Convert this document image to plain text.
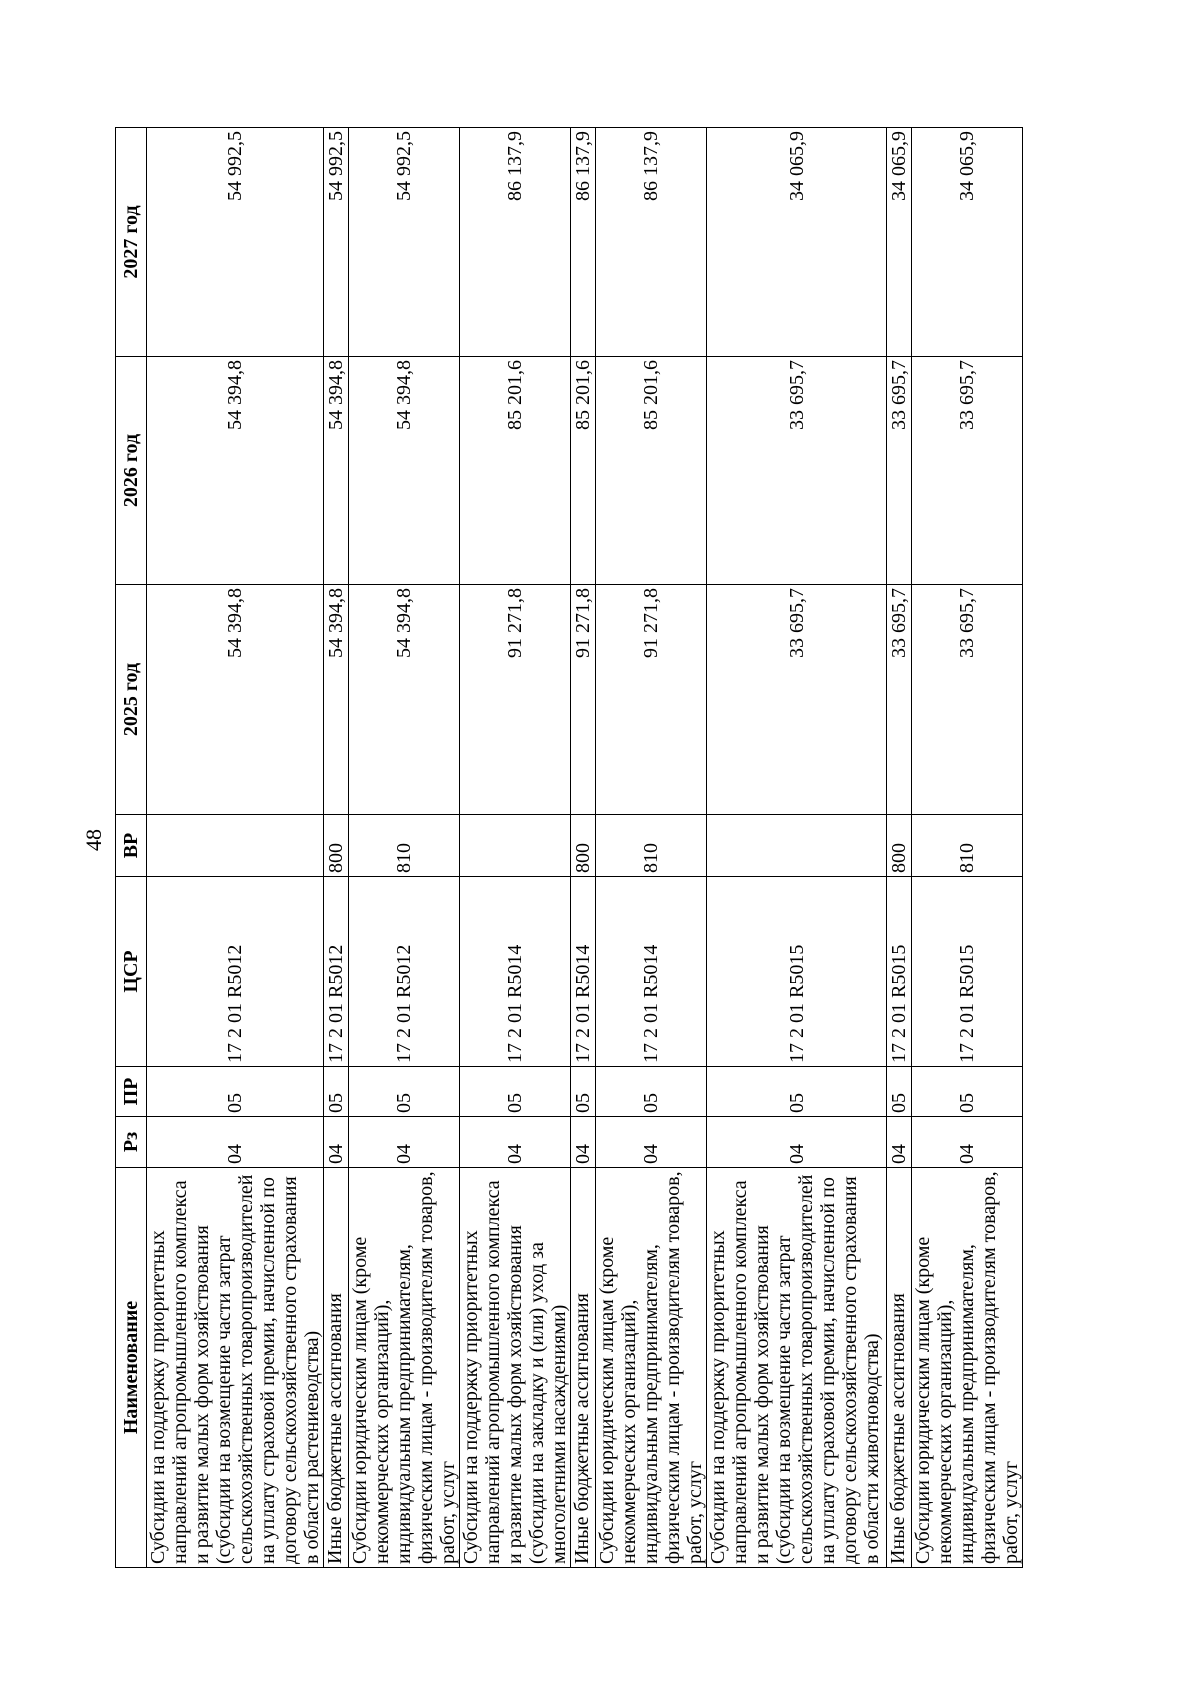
48
Наименование	Рз	ПР	ЦСР	ВР	2025 год	2026 год	2027 год
Субсидии на поддержку приоритетных направлений агропромышленного комплекса и развитие малых форм хозяйствования (субсидии на возмещение части затрат сельскохозяйственных товаропроизводителей на уплату страховой премии, начисленной по договору сельскохозяйственного страхования в области растениеводства)	04	05	17 2 01 R5012		54 394,8	54 394,8	54 992,5
Иные бюджетные ассигнования	04	05	17 2 01 R5012	800	54 394,8	54 394,8	54 992,5
Субсидии юридическим лицам (кроме некоммерческих организаций), индивидуальным предпринимателям, физическим лицам - производителям товаров, работ, услуг	04	05	17 2 01 R5012	810	54 394,8	54 394,8	54 992,5
Субсидии на поддержку приоритетных направлений агропромышленного комплекса и развитие малых форм хозяйствования (субсидии на закладку и (или) уход за многолетними насаждениями)	04	05	17 2 01 R5014		91 271,8	85 201,6	86 137,9
Иные бюджетные ассигнования	04	05	17 2 01 R5014	800	91 271,8	85 201,6	86 137,9
Субсидии юридическим лицам (кроме некоммерческих организаций), индивидуальным предпринимателям, физическим лицам - производителям товаров, работ, услуг	04	05	17 2 01 R5014	810	91 271,8	85 201,6	86 137,9
Субсидии на поддержку приоритетных направлений агропромышленного комплекса и развитие малых форм хозяйствования (субсидии на возмещение части затрат сельскохозяйственных товаропроизводителей на уплату страховой премии, начисленной по договору сельскохозяйственного страхования в области животноводства)	04	05	17 2 01 R5015		33 695,7	33 695,7	34 065,9
Иные бюджетные ассигнования	04	05	17 2 01 R5015	800	33 695,7	33 695,7	34 065,9
Субсидии юридическим лицам (кроме некоммерческих организаций), индивидуальным предпринимателям, физическим лицам - производителям товаров, работ, услуг	04	05	17 2 01 R5015	810	33 695,7	33 695,7	34 065,9
